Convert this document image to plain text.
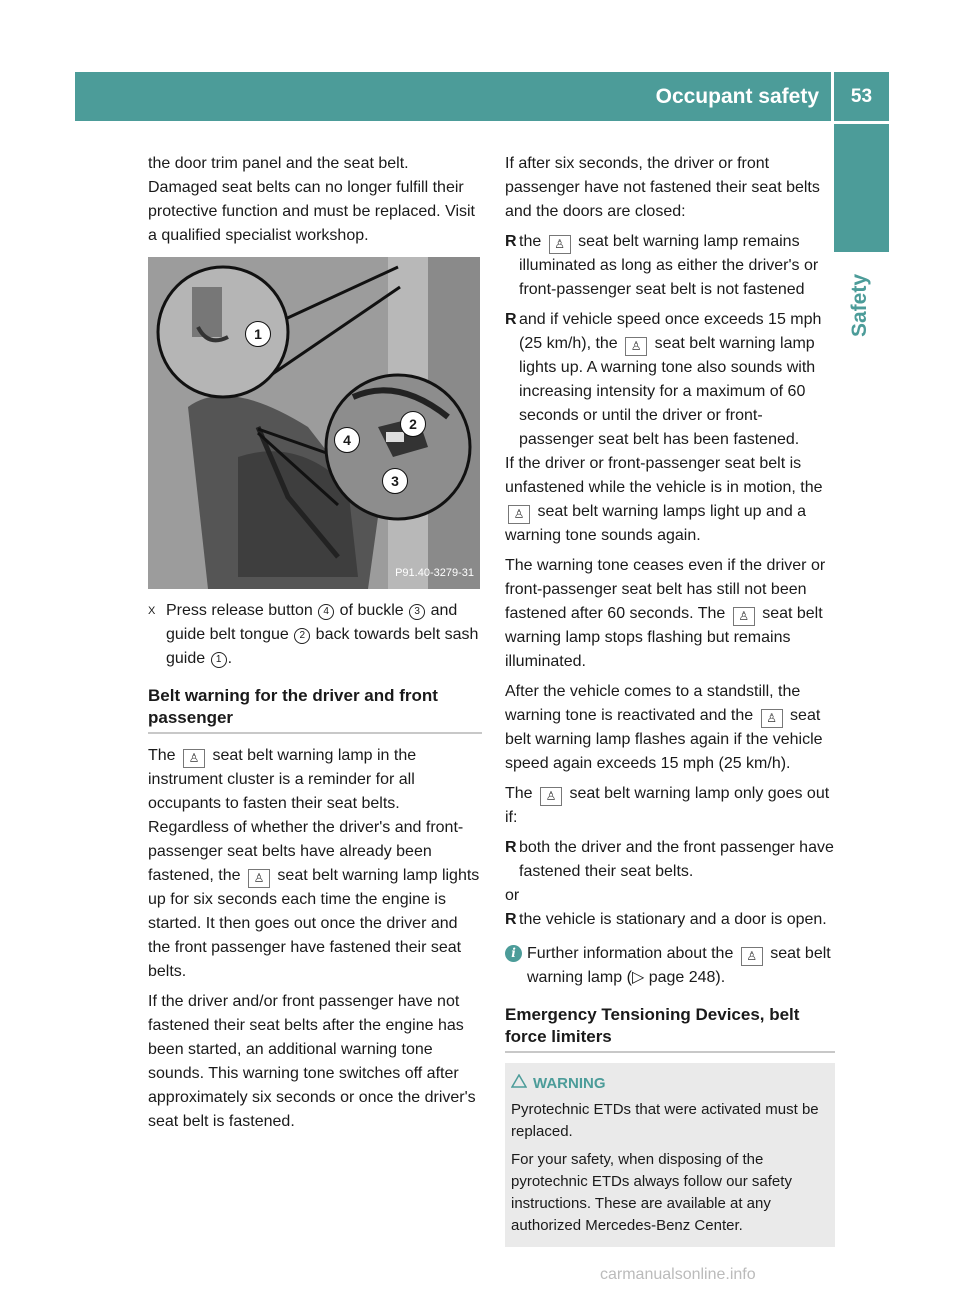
Occupant safety	53
Safety

the door trim panel and the seat belt. Damaged seat belts can no longer fulfill their protective function and must be replaced. Visit a qualified specialist workshop.

1
2
3
4
P91.40-3279-31
X Press release button 4 of buckle 3 and guide belt tongue 2 back towards belt sash guide 1 .
Belt warning for the driver and front passenger

The ♙ seat belt warning lamp in the instrument cluster is a reminder for all occupants to fasten their seat belts. Regardless of whether the driver's and front-passenger seat belts have already been fastened, the ♙ seat belt warning lamp lights up for six seconds each time the engine is started. It then goes out once the driver and the front passenger have fastened their seat belts.

If the driver and/or front passenger have not fastened their seat belts after the engine has been started, an additional warning tone sounds. This warning tone switches off after approximately six seconds or once the driver's seat belt is fastened.

If after six seconds, the driver or front passenger have not fastened their seat belts and the doors are closed:

R the ♙ seat belt warning lamp remains illuminated as long as either the driver's or front-passenger seat belt is not fastened
R and if vehicle speed once exceeds 15 mph (25 km/h), the ♙ seat belt warning lamp lights up. A warning tone also sounds with increasing intensity for a maximum of 60 seconds or until the driver or front-passenger seat belt has been fastened.

If the driver or front-passenger seat belt is unfastened while the vehicle is in motion, the ♙ seat belt warning lamps light up and a warning tone sounds again.

The warning tone ceases even if the driver or front-passenger seat belt has still not been fastened after 60 seconds. The ♙ seat belt warning lamp stops flashing but remains illuminated.

After the vehicle comes to a standstill, the warning tone is reactivated and the ♙ seat belt warning lamp flashes again if the vehicle speed again exceeds 15 mph (25 km/h).

The ♙ seat belt warning lamp only goes out if:

R both the driver and the front passenger have fastened their seat belts.

or

R the vehicle is stationary and a door is open.
i Further information about the ♙ seat belt warning lamp (▷ page 248).
Emergency Tensioning Devices, belt force limiters
WARNING

Pyrotechnic ETDs that were activated must be replaced.

For your safety, when disposing of the pyrotechnic ETDs always follow our safety instructions. These are available at any authorized Mercedes-Benz Center.

carmanualsonline.info
